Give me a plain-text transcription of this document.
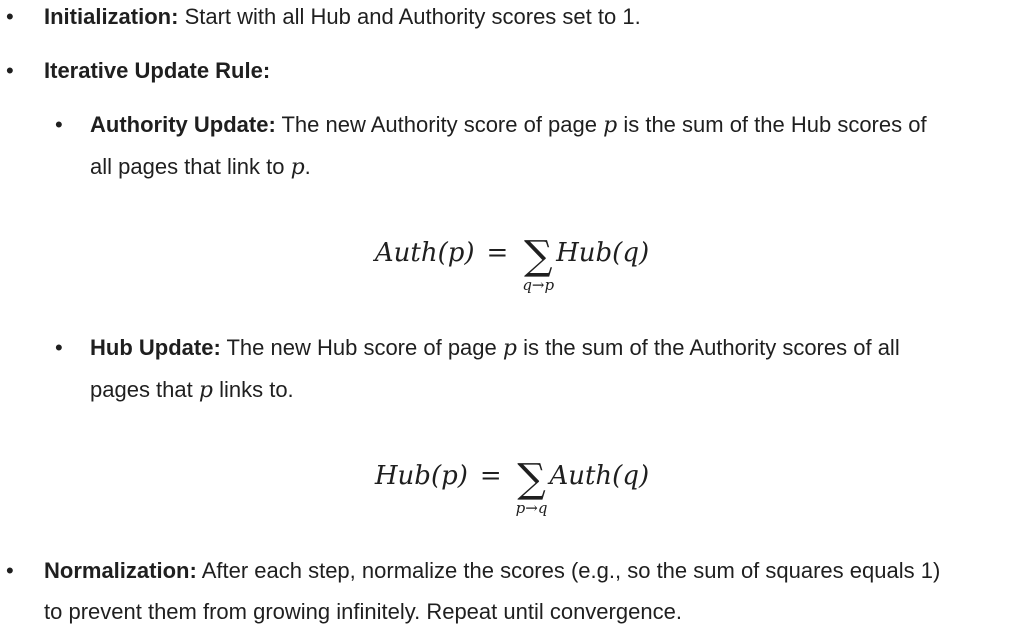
• Initialization: Start with all Hub and Authority scores set to 1.
• Iterative Update Rule:
• Authority Update: The new Authority score of page p is the sum of the Hub scores of
all pages that link to p.
Auth (p) = ∑
q→p
Hub (q)
• Hub Update: The new Hub score of page p is the sum of the Authority scores of all
pages that p links to.
Hub (p) = ∑
p→q
Auth (q)
• Normalization: After each step, normalize the scores (e.g., so the sum of squares equals 1)
to prevent them from growing infinitely. Repeat until convergence.
